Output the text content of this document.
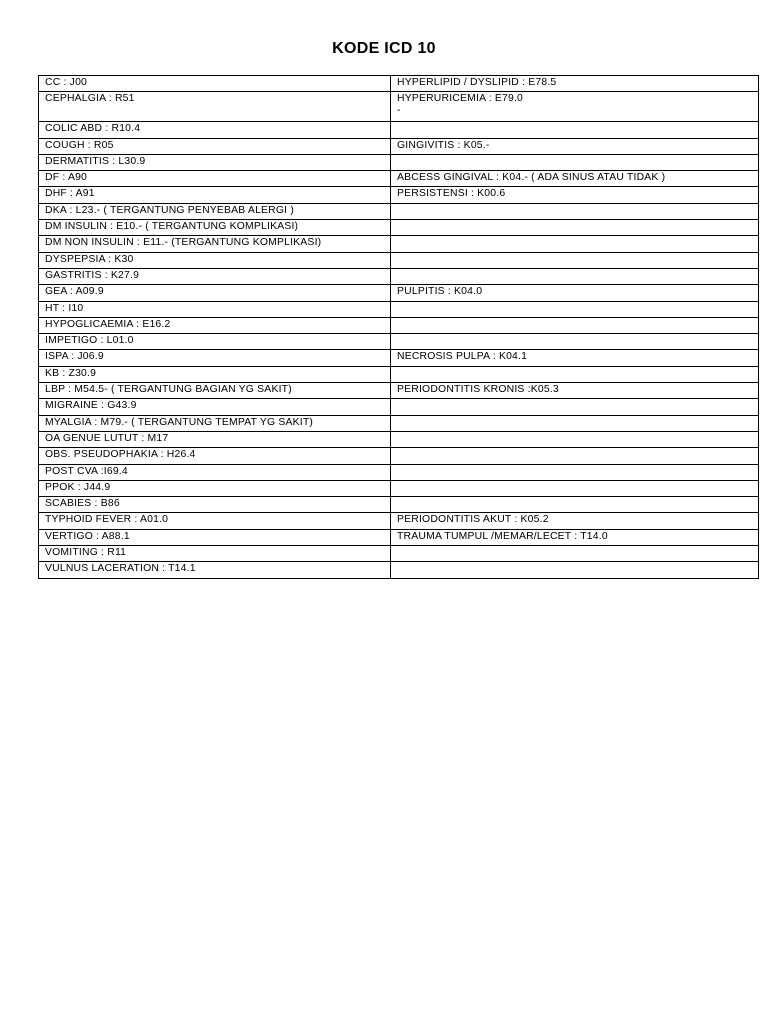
KODE ICD 10
CC : J00	HYPERLIPID / DYSLIPID : E78.5

CEPHALGIA : R51	HYPERURICEMIA : E79.0
-

COLIC ABD : R10.4	

COUGH : R05	GINGIVITIS : K05.-

DERMATITIS : L30.9	

DF : A90	ABCESS GINGIVAL : K04.- ( ADA SINUS ATAU TIDAK )

DHF : A91	PERSISTENSI : K00.6

DKA : L23.- ( TERGANTUNG PENYEBAB ALERGI )	

DM INSULIN : E10.- ( TERGANTUNG KOMPLIKASI)	

DM NON INSULIN : E11.- (TERGANTUNG KOMPLIKASI)	

DYSPEPSIA : K30	

GASTRITIS : K27.9	

GEA : A09.9	PULPITIS : K04.0

HT : I10	

HYPOGLICAEMIA : E16.2	

IMPETIGO : L01.0	

ISPA : J06.9	NECROSIS PULPA : K04.1

KB : Z30.9	

LBP : M54.5- ( TERGANTUNG BAGIAN YG SAKIT)	PERIODONTITIS KRONIS :K05.3

MIGRAINE : G43.9	

MYALGIA : M79.- ( TERGANTUNG TEMPAT YG SAKIT)	

OA GENUE LUTUT : M17	

OBS. PSEUDOPHAKIA : H26.4	

POST CVA :I69.4	

PPOK : J44.9	

SCABIES : B86	

TYPHOID FEVER : A01.0	PERIODONTITIS AKUT : K05.2

VERTIGO : A88.1	TRAUMA TUMPUL /MEMAR/LECET : T14.0

VOMITING : R11	

VULNUS LACERATION : T14.1	
